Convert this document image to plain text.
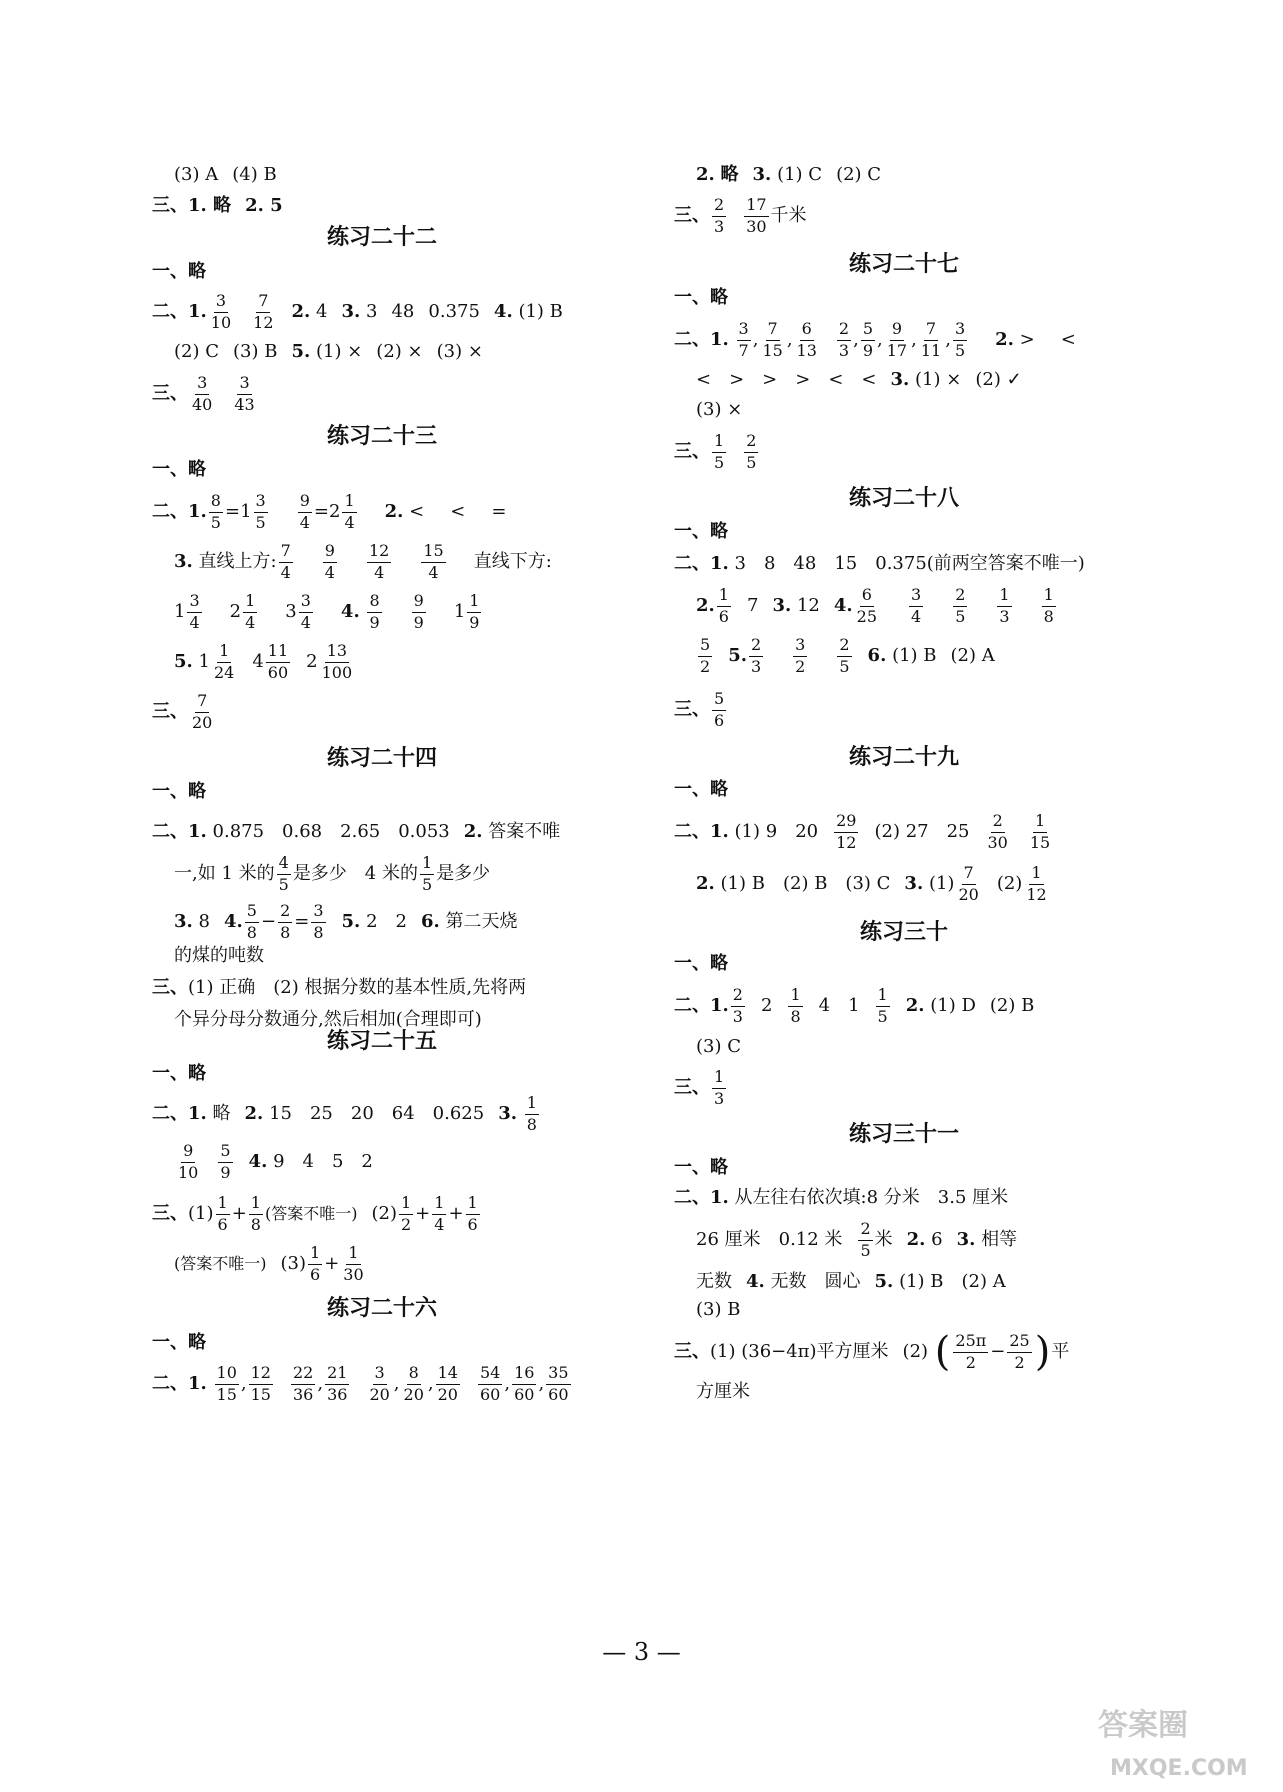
(3) A (4) B
三、 1. 略 2. 5
练习二十二
一、略
二、 1. $\frac{3}{10} \frac{7}{12} 2$.
4 3.
3 48 0.375 4.
(1) B
(2) C (3) B 5.
(1) × (2) × (3) ×
三、 $\frac{3}{40} \frac{3}{43}$
练习二十三
一、略
二、 1. $\frac{8}{5} =1 \frac{3}{5} \frac{9}{4} =2 \frac{1}{4} 2$.
< < =
3.
直线上方: $\frac{7}{4} \frac{9}{4} \frac{12}{4} \frac{15}{4}$ 直线下方:
$1 \frac{3}{4} 2 \frac{1}{4} 3 \frac{3}{4} 4$.
$\frac{8}{9} \frac{9}{9} 1 \frac{1}{9}$
5.
$1 \frac{1}{24} 4 \frac{11}{60} 2 \frac{13}{100}$
三、 $\frac{7}{20}$
练习二十四
一、略
二、 1.
0.875　0.68　2.65　0.053 2.
答案不唯
一,如 1 米的 $\frac{4}{5}$ 是多少　4 米的 $\frac{1}{5}$ 是多少
3.
8 4. $\frac{5}{8} - \frac{2}{8} = \frac{3}{8} 5$.
2　2 6.
第二天烧
的煤的吨数
三、 (1) 正确　(2) 根据分数的基本性质,先将两
个异分母分数通分,然后相加(合理即可)
练习二十五
一、略
二、 1.
略 2.
15　25　20　64　0.625 3.
$\frac{1}{8}$
$\frac{9}{10} \frac{5}{9} 4$.
9　4　5　2
三、 $(1) \frac{1}{6} + \frac{1}{8}$ (答案不唯一) $(2) \frac{1}{2} + \frac{1}{4} + \frac{1}{6}$
(答案不唯一) $(3) \frac{1}{6} + \frac{1}{30}$
练习二十六
一、略
二、 1.
$\frac{10}{15}$ , $\frac{12}{15} \frac{22}{36}$ , $\frac{21}{36} \frac{3}{20}$ , $\frac{8}{20}$ , $\frac{14}{20} \frac{54}{60}$ , $\frac{16}{60}$ , $\frac{35}{60}$
2.
略 3.
(1) C (2) C
三、 $\frac{2}{3} \frac{17}{30}$ 千米
练习二十七
一、略
二、 1.
$\frac{3}{7}$ , $\frac{7}{15}$ , $\frac{6}{13} \frac{2}{3}$ , $\frac{5}{9}$ , $\frac{9}{17}$ , $\frac{7}{11}$ , $\frac{3}{5} 2$.
> <
<　>　>　>　<　< 3.
(1) × (2) ✓
(3) ×
三、 $\frac{1}{5} \frac{2}{5}$
练习二十八
一、略
二、 1.
3　8　48　15　0.375(前两空答案不唯一)
2. $\frac{1}{6} 7$ 3.
12 4. $\frac{6}{25} \frac{3}{4} \frac{2}{5} \frac{1}{3} \frac{1}{8}$
$\frac{5}{2} 5$. $\frac{2}{3} \frac{3}{2} \frac{2}{5} 6$.
(1) B (2) A
三、 $\frac{5}{6}$
练习二十九
一、略
二、 1.
(1) 9　$20 \frac{29}{12} (2)$ 27　$25 \frac{2}{30} \frac{1}{15}$
2.
(1) B　(2) B　(3) C 3.
$(1) \frac{7}{20} (2) \frac{1}{12}$
练习三十
一、略
二、 1. $\frac{2}{3} 2 \frac{1}{8} 4$　$1 \frac{1}{5} 2$.
(1) D (2) B
(3) C
三、 $\frac{1}{3}$
练习三十一
一、略
二、 1.
从左往右依次填:8 分米　3.5 厘米
26 厘米　0.12 米 $\frac{2}{5}$ 米 2.
6 3.
相等
无数 4.
无数　圆心 5.
(1) B　(2) A
(3) B
三、 (1) (36−4π)平方厘米 (2)
( $\frac{25\pi}{2} - \frac{25}{2}$ ) 平
方厘米
— 3 —
答案圈
MXQE.COM
